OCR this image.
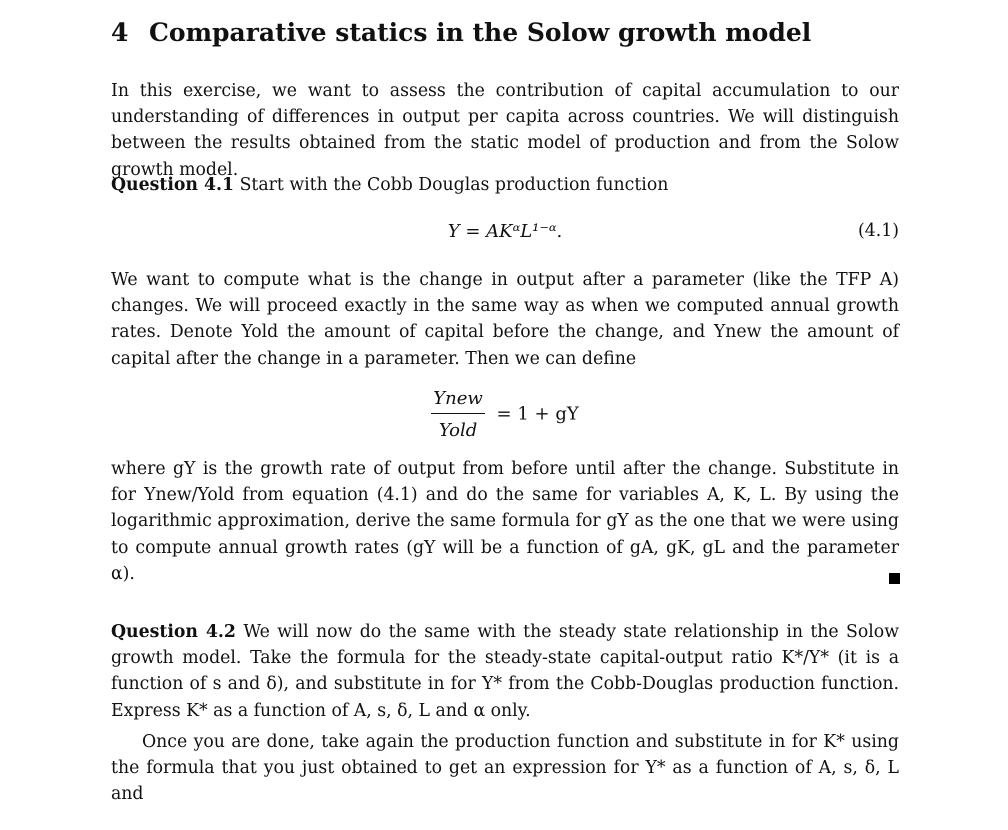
4 Comparative statics in the Solow growth model
In this exercise, we want to assess the contribution of capital accumulation to our understanding of differences in output per capita across countries. We will distinguish between the results obtained from the static model of production and from the Solow growth model.
Question 4.1 Start with the Cobb Douglas production function
Y = AKᵅL¹⁻ᵅ.	(4.1)
We want to compute what is the change in output after a parameter (like the TFP A) changes. We will proceed exactly in the same way as when we computed annual growth rates. Denote Yold the amount of capital before the change, and Ynew the amount of capital after the change in a parameter. Then we can define
$\frac{\text{Ynew}}{\text{Yold}} = 1$ + gY
where gY is the growth rate of output from before until after the change. Substitute in for Ynew/Yold from equation (4.1) and do the same for variables A, K, L. By using the logarithmic approximation, derive the same formula for gY as the one that we were using to compute annual growth rates (gY will be a function of gA, gK, gL and the parameter α).
Question 4.2 We will now do the same with the steady state relationship in the Solow growth model. Take the formula for the steady-state capital-output ratio K*/Y* (it is a function of s and δ), and substitute in for Y* from the Cobb-Douglas production function. Express K* as a function of A, s, δ, L and α only.
Once you are done, take again the production function and substitute in for K* using the formula that you just obtained to get an expression for Y* as a function of A, s, δ, L and
